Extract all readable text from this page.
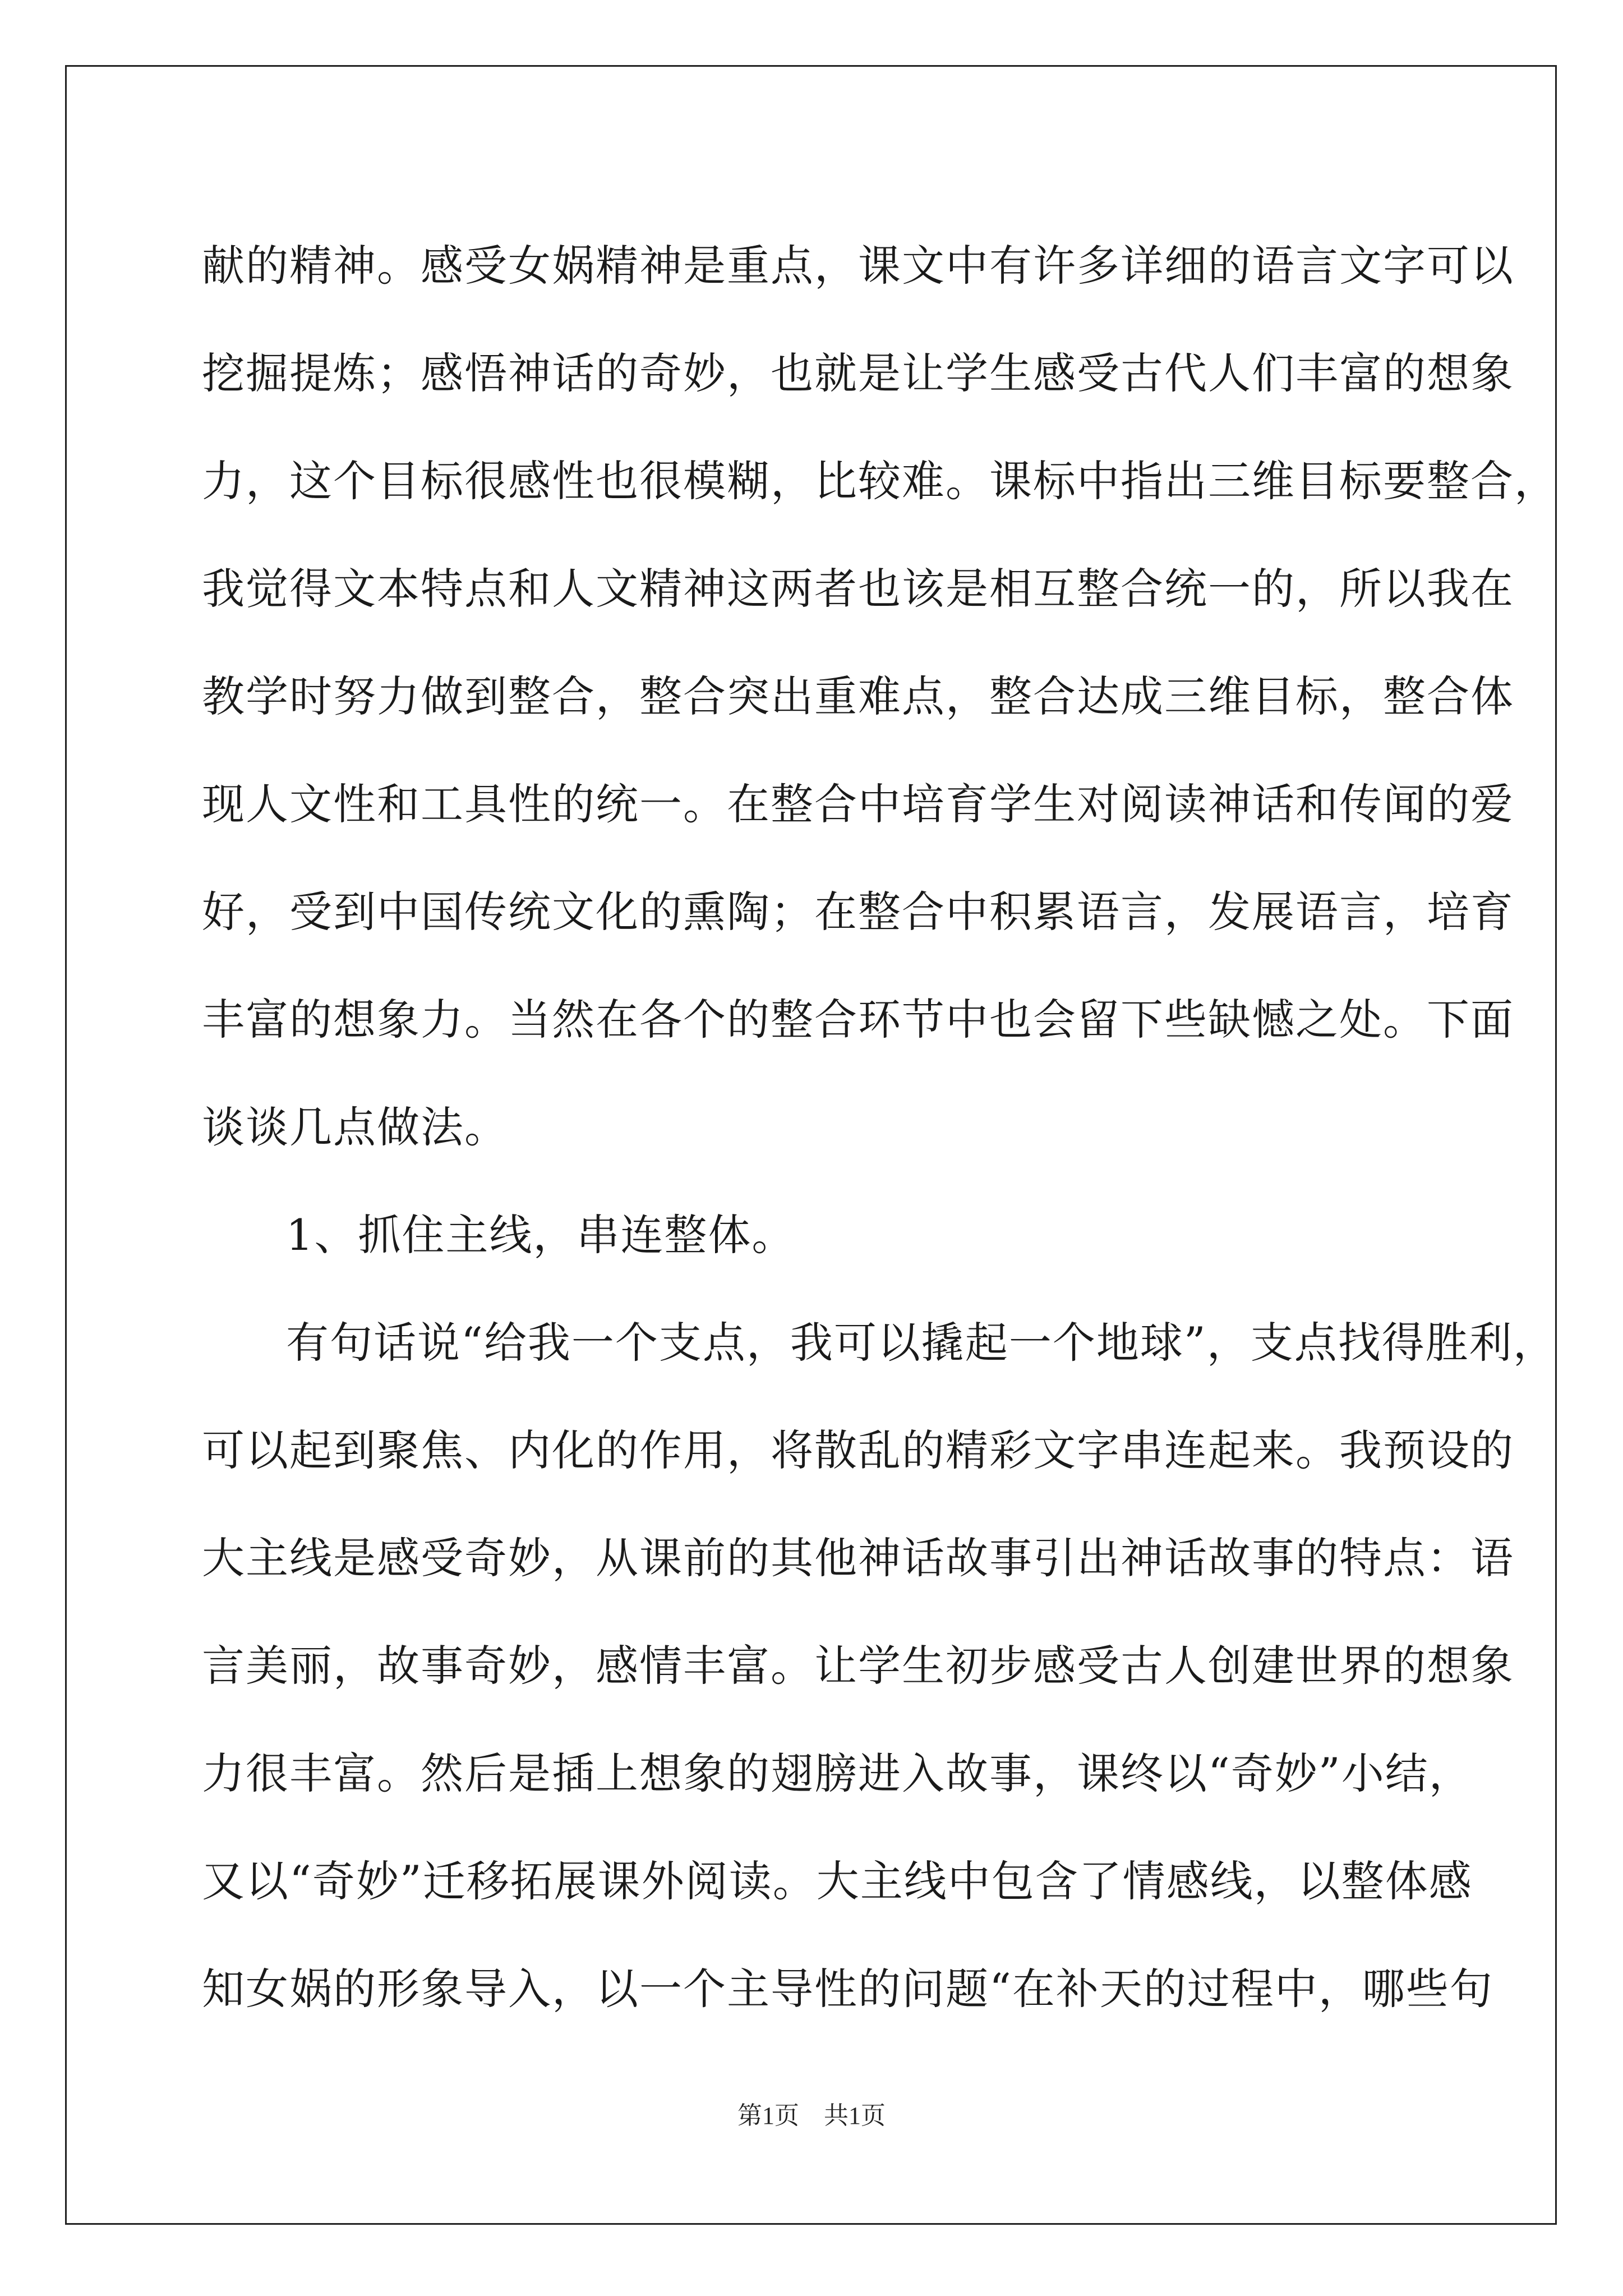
献的精神。感受女娲精神是重点，课文中有许多详细的语言文字可以
挖掘提炼；感悟神话的奇妙，也就是让学生感受古代人们丰富的想象
力，这个目标很感性也很模糊，比较难。课标中指出三维目标要整合，
我觉得文本特点和人文精神这两者也该是相互整合统一的，所以我在
教学时努力做到整合，整合突出重难点，整合达成三维目标，整合体
现人文性和工具性的统一。在整合中培育学生对阅读神话和传闻的爱
好，受到中国传统文化的熏陶；在整合中积累语言，发展语言，培育
丰富的想象力。当然在各个的整合环节中也会留下些缺憾之处。下面
谈谈几点做法。
1、抓住主线，串连整体。
有句话说“给我一个支点，我可以撬起一个地球”，支点找得胜利，
可以起到聚焦、内化的作用，将散乱的精彩文字串连起来。我预设的
大主线是感受奇妙，从课前的其他神话故事引出神话故事的特点：语
言美丽，故事奇妙，感情丰富。让学生初步感受古人创建世界的想象
力很丰富。然后是插上想象的翅膀进入故事，课终以“奇妙”小结，
又以“奇妙”迁移拓展课外阅读。大主线中包含了情感线，以整体感
知女娲的形象导入，以一个主导性的问题“在补天的过程中，哪些句
第1页 共1页
